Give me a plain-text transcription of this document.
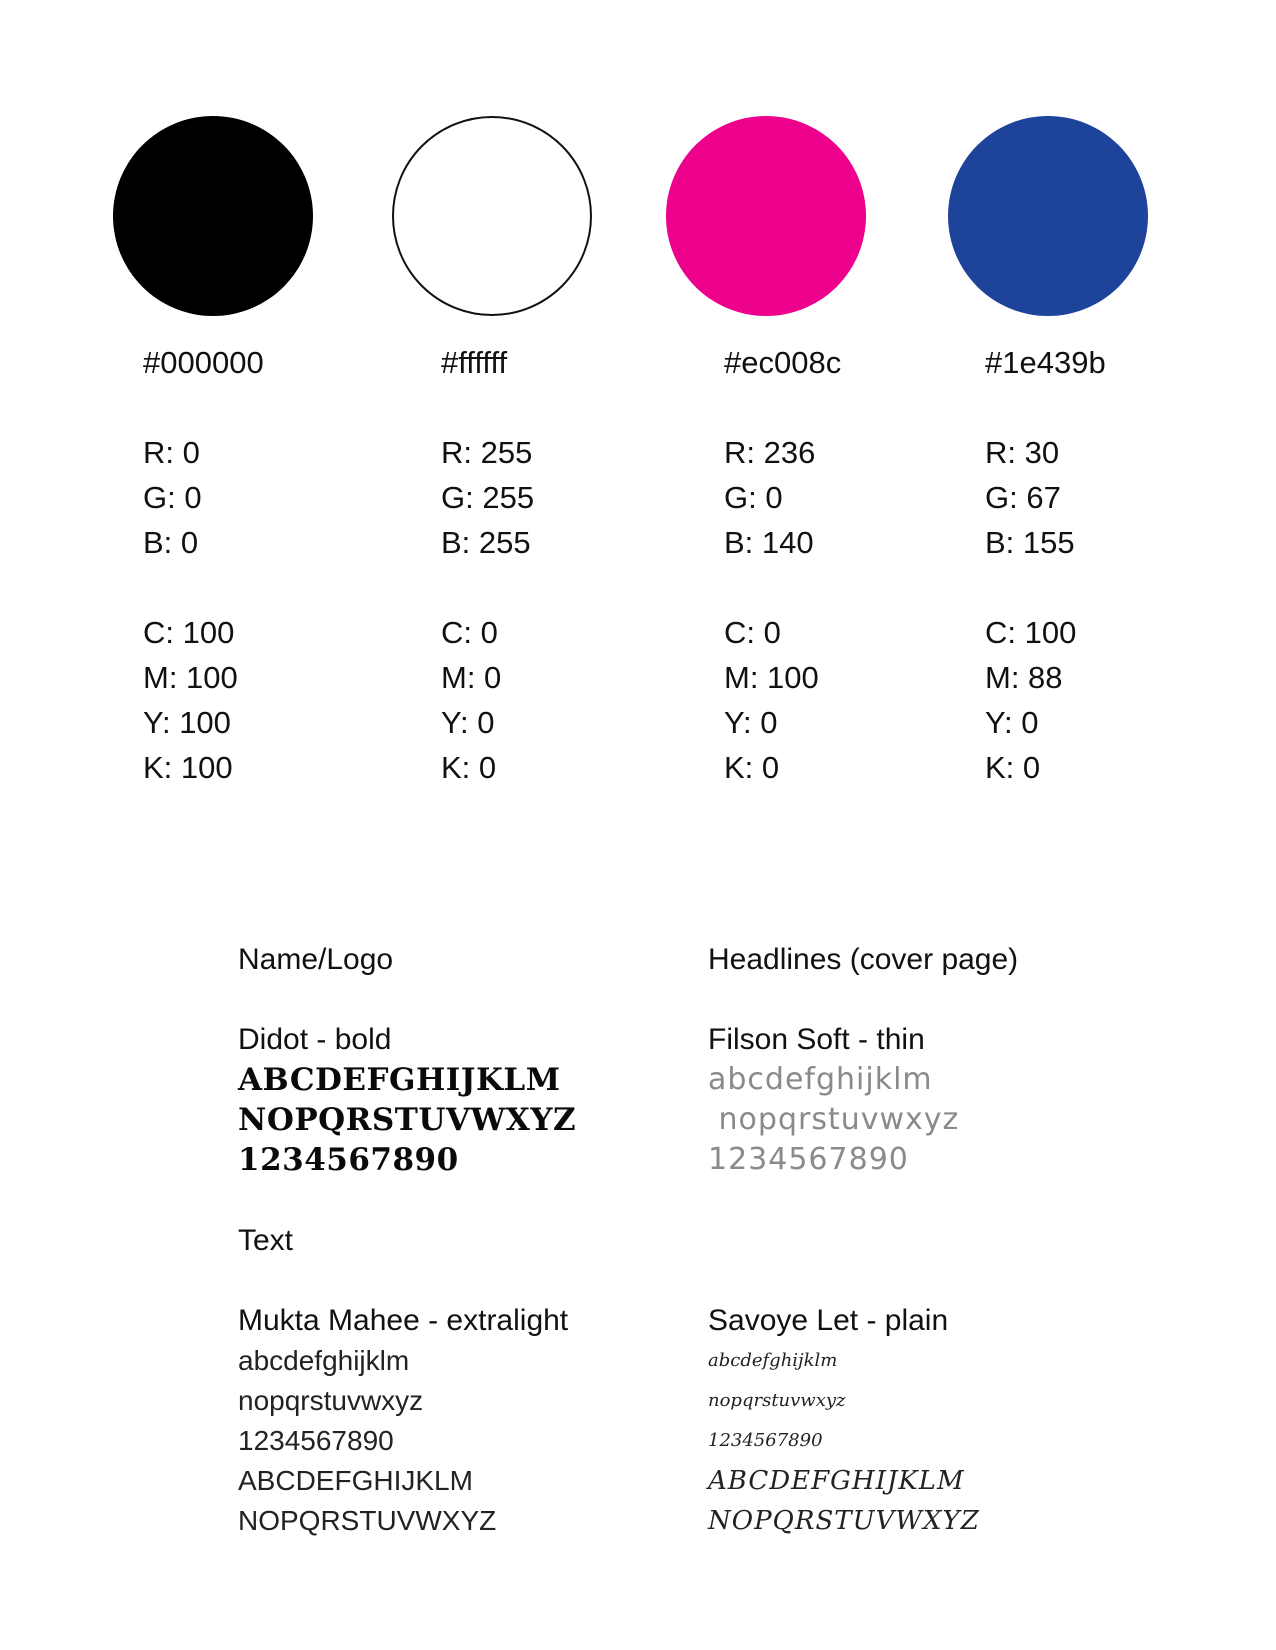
#000000
R: 0
G: 0
B: 0
C: 100
M: 100
Y: 100
K: 100
#ffffff
R: 255
G: 255
B: 255
C: 0
M: 0
Y: 0
K: 0
#ec008c
R: 236
G: 0
B: 140
C: 0
M: 100
Y: 0
K: 0
#1e439b
R: 30
G: 67
B: 155
C: 100
M: 88
Y: 0
K: 0
Name/Logo
Didot - bold
ABCDEFGHIJKLM
NOPQRSTUVWXYZ
1234567890
Headlines (cover page)
Filson Soft - thin
abcdefghijklm
nopqrstuvwxyz
1234567890
Text
Mukta Mahee - extralight
abcdefghijklm
nopqrstuvwxyz
1234567890
ABCDEFGHIJKLM
NOPQRSTUVWXYZ
Savoye Let - plain
abcdefghijklm
nopqrstuvwxyz
1234567890
ABCDEFGHIJKLM
NOPQRSTUVWXYZ
